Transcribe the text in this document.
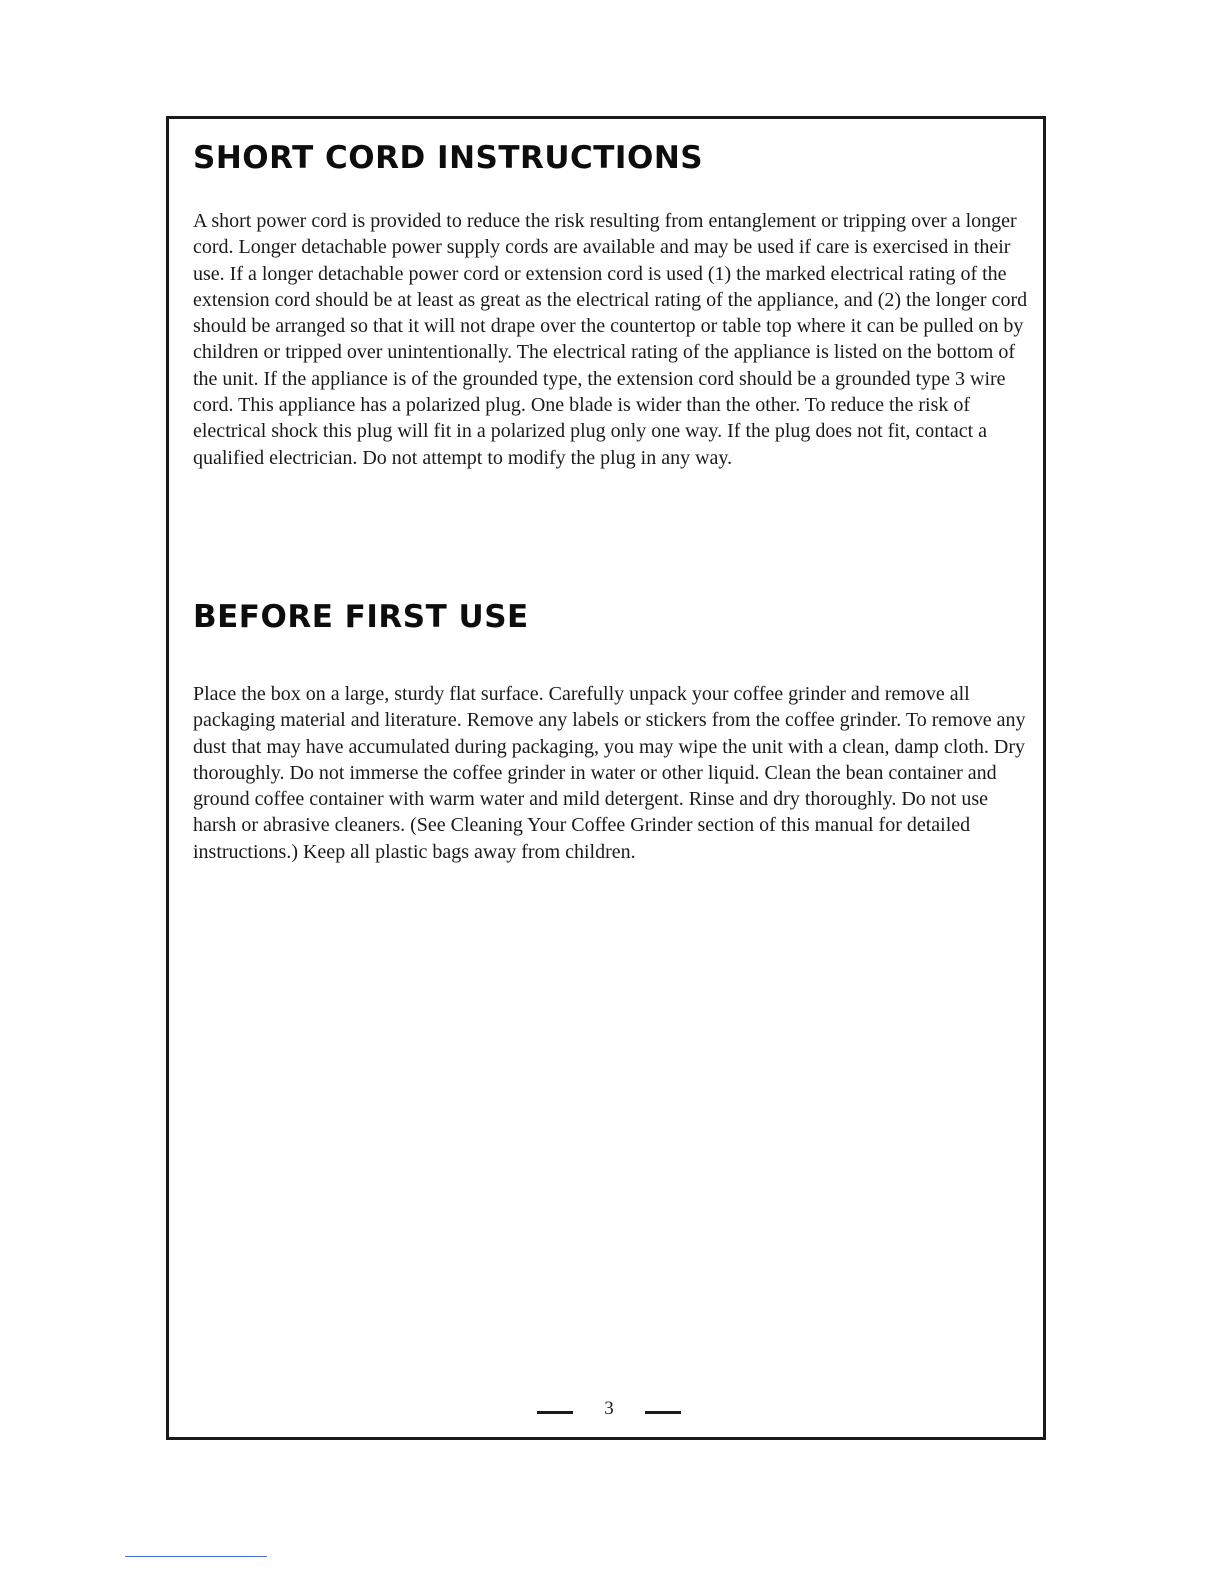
SHORT CORD INSTRUCTIONS

A short power cord is provided to reduce the risk resulting from entanglement or tripping over a longer cord. Longer detachable power supply cords are available and may be used if care is exercised in their use. If a longer detachable power cord or extension cord is used (1) the marked electrical rating of the extension cord should be at least as great as the electrical rating of the appliance, and (2) the longer cord should be arranged so that it will not drape over the countertop or table top where it can be pulled on by children or tripped over unintentionally. The electrical rating of the appliance is listed on the bottom of the unit. If the appliance is of the grounded type, the extension cord should be a grounded type 3 wire cord. This appliance has a polarized plug. One blade is wider than the other. To reduce the risk of electrical shock this plug will fit in a polarized plug only one way. If the plug does not fit, contact a qualified electrician. Do not attempt to modify the plug in any way.

BEFORE FIRST USE

Place the box on a large, sturdy flat surface. Carefully unpack your coffee grinder and remove all packaging material and literature. Remove any labels or stickers from the coffee grinder. To remove any dust that may have accumulated during packaging, you may wipe the unit with a clean, damp cloth. Dry thoroughly. Do not immerse the coffee grinder in water or other liquid. Clean the bean container and ground coffee container with warm water and mild detergent. Rinse and dry thoroughly. Do not use harsh or abrasive cleaners. (See Cleaning Your Coffee Grinder section of this manual for detailed instructions.) Keep all plastic bags away from children.

3
